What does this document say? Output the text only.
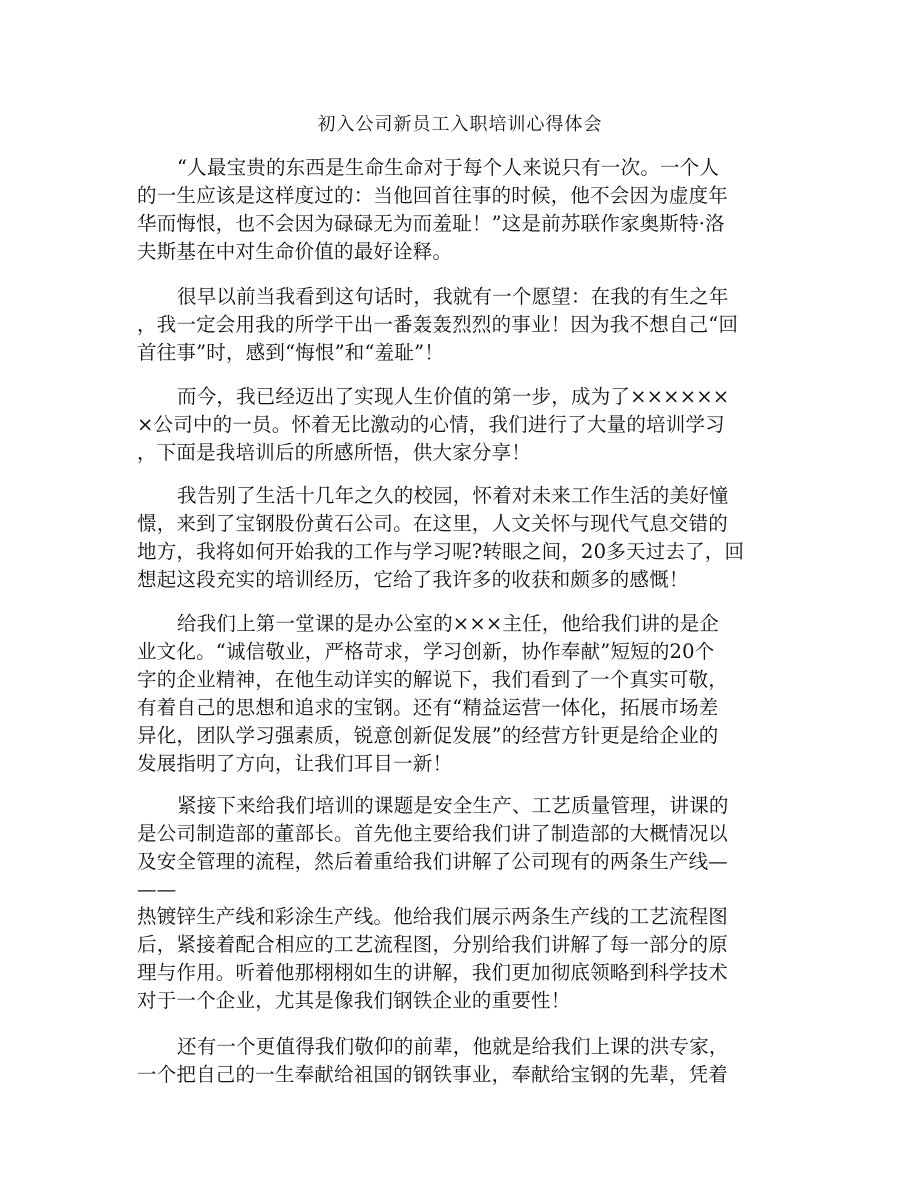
初入公司新员工入职培训心得体会
“人最宝贵的东西是生命生命对于每个人来说只有一次。一个人
的一生应该是这样度过的：当他回首往事的时候，他不会因为虚度年
华而悔恨，也不会因为碌碌无为而羞耻！”这是前苏联作家奥斯特·洛
夫斯基在中对生命价值的最好诠释。
很早以前当我看到这句话时，我就有一个愿望：在我的有生之年
，我一定会用我的所学干出一番轰轰烈烈的事业！因为我不想自己“回
首往事”时，感到“悔恨”和“羞耻”！
而今，我已经迈出了实现人生价值的第一步，成为了××××××
×公司中的一员。怀着无比激动的心情，我们进行了大量的培训学习
，下面是我培训后的所感所悟，供大家分享！
我告别了生活十几年之久的校园，怀着对未来工作生活的美好憧
憬，来到了宝钢股份黄石公司。在这里，人文关怀与现代气息交错的
地方，我将如何开始我的工作与学习呢?转眼之间，20多天过去了，回
想起这段充实的培训经历，它给了我许多的收获和颇多的感慨！
给我们上第一堂课的是办公室的×××主任，他给我们讲的是企
业文化。“诚信敬业，严格苛求，学习创新，协作奉献”短短的20个
字的企业精神，在他生动详实的解说下，我们看到了一个真实可敬，
有着自己的思想和追求的宝钢。还有“精益运营一体化，拓展市场差
异化，团队学习强素质，锐意创新促发展”的经营方针更是给企业的
发展指明了方向，让我们耳目一新！
紧接下来给我们培训的课题是安全生产、工艺质量管理，讲课的
是公司制造部的董部长。首先他主要给我们讲了制造部的大概情况以
及安全管理的流程，然后着重给我们讲解了公司现有的两条生产线—
——
热镀锌生产线和彩涂生产线。他给我们展示两条生产线的工艺流程图
后，紧接着配合相应的工艺流程图，分别给我们讲解了每一部分的原
理与作用。听着他那栩栩如生的讲解，我们更加彻底领略到科学技术
对于一个企业，尤其是像我们钢铁企业的重要性！
还有一个更值得我们敬仰的前辈，他就是给我们上课的洪专家，
一个把自己的一生奉献给祖国的钢铁事业，奉献给宝钢的先辈，凭着
